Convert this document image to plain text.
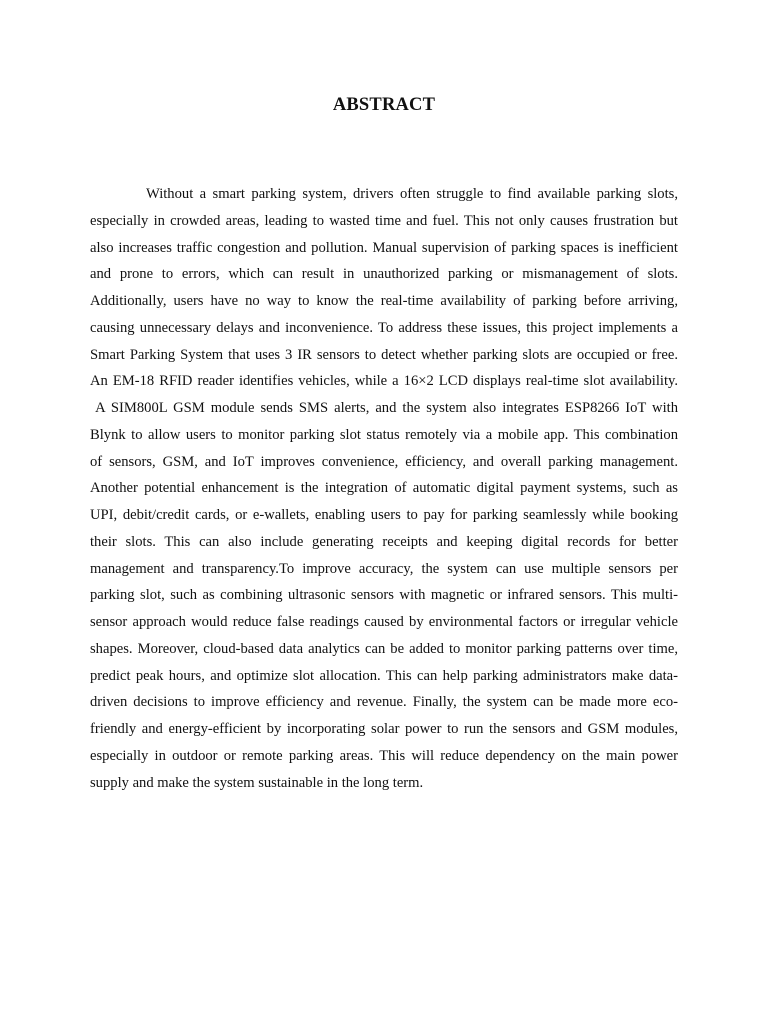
ABSTRACT
Without a smart parking system, drivers often struggle to find available parking slots,
especially in crowded areas, leading to wasted time and fuel. This not only causes frustration but
also increases traffic congestion and pollution. Manual supervision of parking spaces is inefficient
and prone to errors, which can result in unauthorized parking or mismanagement of slots.
Additionally, users have no way to know the real-time availability of parking before arriving,
causing unnecessary delays and inconvenience. To address these issues, this project implements a
Smart Parking System that uses 3 IR sensors to detect whether parking slots are occupied or free.
An EM-18 RFID reader identifies vehicles, while a 16×2 LCD displays real-time slot availability.
A SIM800L GSM module sends SMS alerts, and the system also integrates ESP8266 IoT with
Blynk to allow users to monitor parking slot status remotely via a mobile app. This combination
of sensors, GSM, and IoT improves convenience, efficiency, and overall parking management.
Another potential enhancement is the integration of automatic digital payment systems, such as
UPI, debit/credit cards, or e-wallets, enabling users to pay for parking seamlessly while booking
their slots. This can also include generating receipts and keeping digital records for better
management and transparency.To improve accuracy, the system can use multiple sensors per
parking slot, such as combining ultrasonic sensors with magnetic or infrared sensors. This multi-
sensor approach would reduce false readings caused by environmental factors or irregular vehicle
shapes. Moreover, cloud-based data analytics can be added to monitor parking patterns over time,
predict peak hours, and optimize slot allocation. This can help parking administrators make data-
driven decisions to improve efficiency and revenue. Finally, the system can be made more eco-
friendly and energy-efficient by incorporating solar power to run the sensors and GSM modules,
especially in outdoor or remote parking areas. This will reduce dependency on the main power
supply and make the system sustainable in the long term.
